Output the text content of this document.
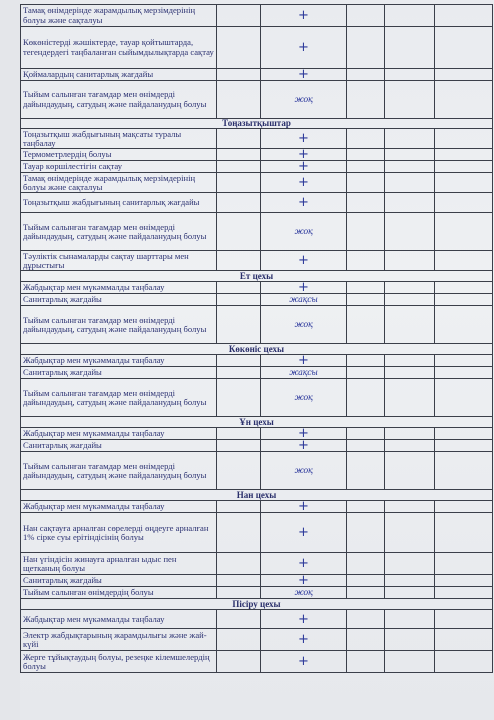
Тамақ өнімдерінде жарамдылық мерзімдерінің болуы және сақталуы		+			
Көкөністерді жәшіктерде, тауар қойтыштарда, тегендердегі таңбаланған сыйымдылықтарда сақтау		+			
Қоймалардың санитарлық жағдайы		+			
Тыйым салынған тағамдар мен өнімдерді дайындаудың, сатудың және пайдаланудың болуы		жоқ			
Тоңазытқыштар					
Тоңазытқыш жабдығының мақсаты туралы таңбалау		+			
Термометрлердің болуы		+			
Тауар көршілестігін сақтау		+			
Тамақ өнімдерінде жарамдылық мерзімдерінің болуы және сақталуы		+			
Тоңазытқыш жабдығының санитарлық жағдайы		+			
Тыйым салынған тағамдар мен өнімдерді дайындаудың, сатудың және пайдаланудың болуы		жоқ			
Тәуліктік сынамаларды сақтау шарттары мен дұрыстығы		+			
Ет цехы					
Жабдықтар мен мүкәммалды таңбалау		+			
Санитарлық жағдайы		жақсы			
Тыйым салынған тағамдар мен өнімдерді дайындаудың, сатудың және пайдаланудың болуы		жоқ			
Көкөніс цехы					
Жабдықтар мен мүкәммалды таңбалау		+			
Санитарлық жағдайы		жақсы			
Тыйым салынған тағамдар мен өнімдерді дайындаудың, сатудың және пайдаланудың болуы		жоқ			
Ұн цехы					
Жабдықтар мен мүкәммалды таңбалау		+			
Санитарлық жағдайы		+			
Тыйым салынған тағамдар мен өнімдерді дайындаудың, сатудың және пайдаланудың болуы		жоқ			
Нан цехы					
Жабдықтар мен мүкәммалды таңбалау		+			
Нан сақтауға арналған сөрелерді өңдеуге арналған 1% сірке суы ерітіндісінің болуы		+			
Нан үгіндісін жинауға арналған ыдыс пен щетканың болуы		+			
Санитарлық жағдайы		+			
Тыйым салынған өнімдердің болуы		жоқ			
Пісіру цехы					
Жабдықтар мен мүкәммалды таңбалау		+			
Электр жабдықтарының жарамдылығы және жай-күйі		+			
Жерге тұйықтаудың болуы, резеңке кілемшелердің болуы		+			
